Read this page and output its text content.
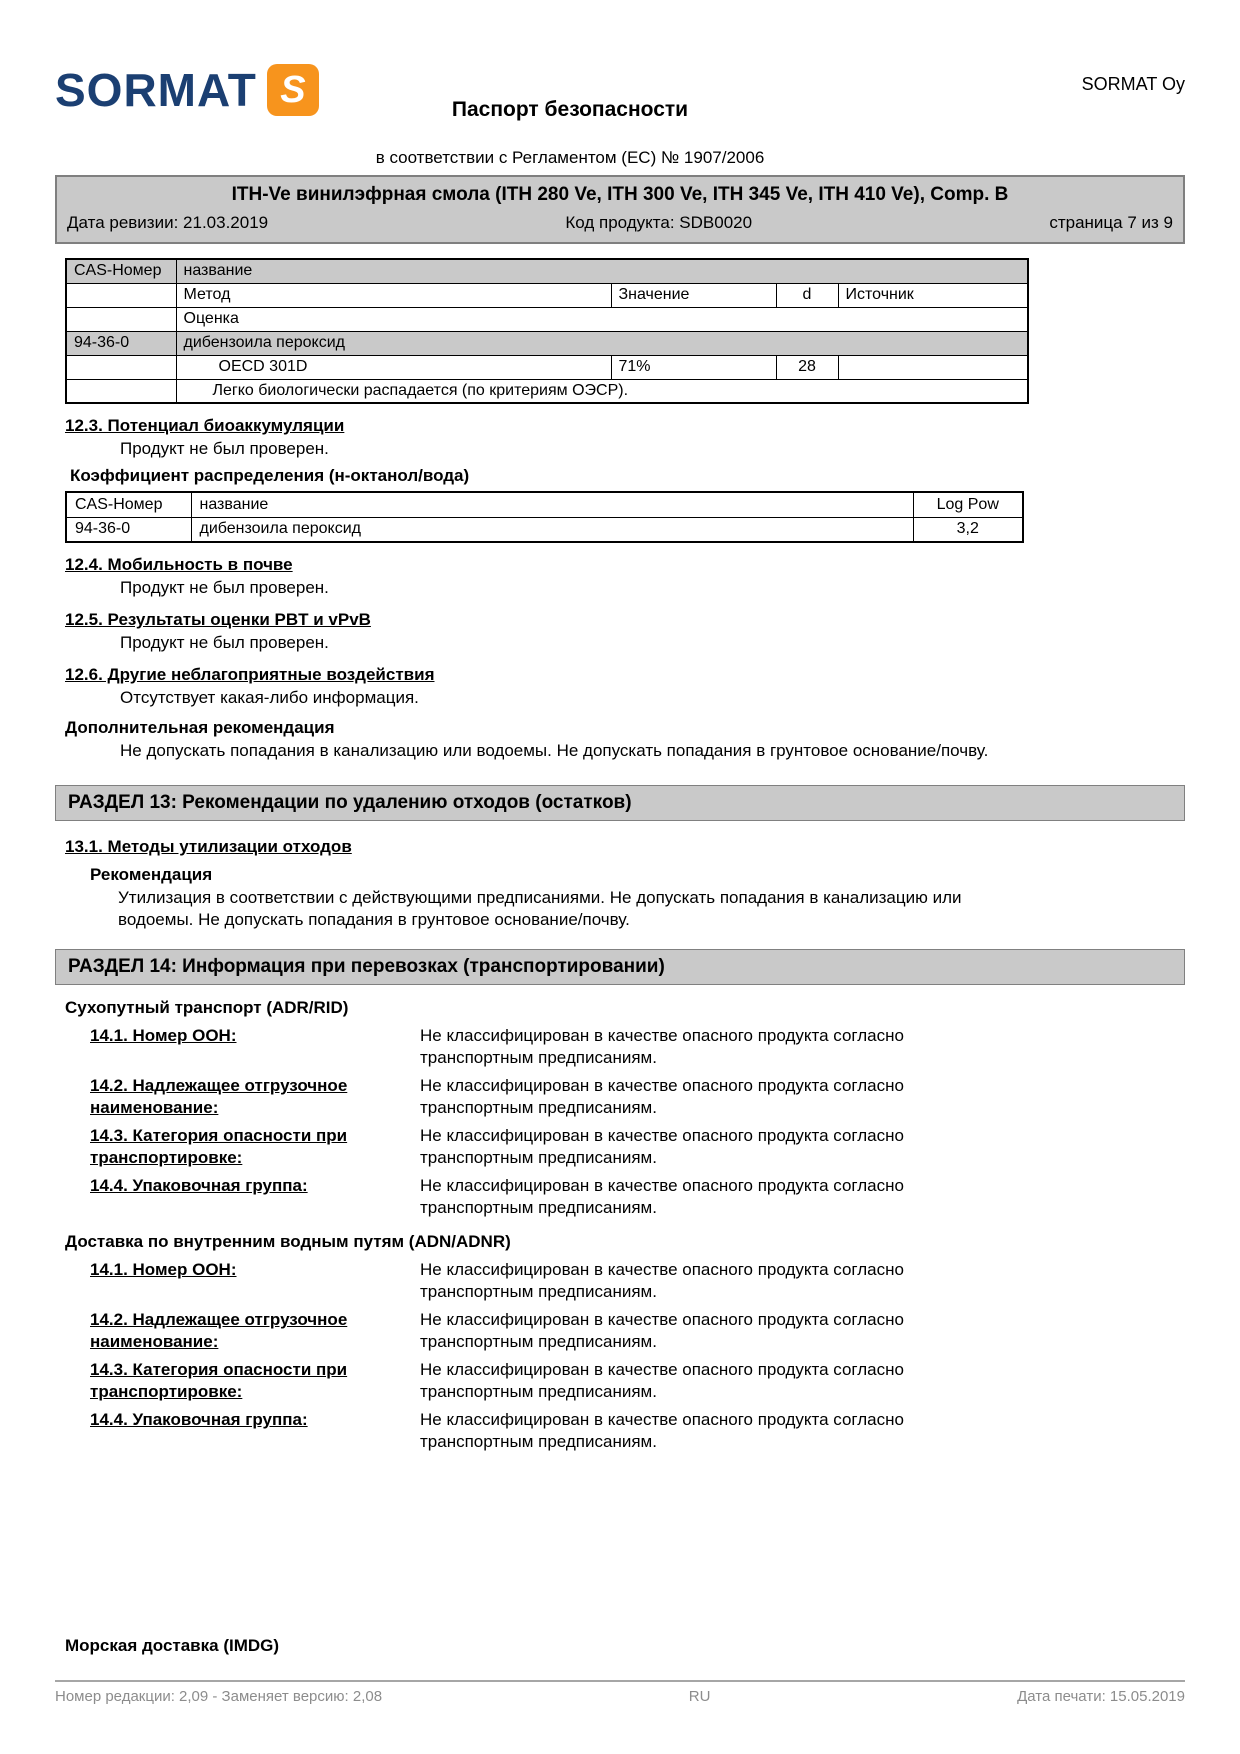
SORMAT S	SORMAT Oy
Паспорт безопасности
в соответствии с Регламентом (ЕС) № 1907/2006
ITH-Ve винилэфрная смола (ITH 280 Ve, ITH 300 Ve, ITH 345 Ve, ITH 410 Ve), Comp. B
Дата ревизии: 21.03.2019	Код продукта: SDB0020	страница 7 из 9
CAS-Номер	название			
	Метод	Значение	d	Источник
	Оценка			
94-36-0	дибензоила пероксид			
	OECD 301D	71%	28	
	Легко биологически распадается (по критериям ОЭСР).			
12.3. Потенциал биоаккумуляции
Продукт не был проверен.
Коэффициент распределения (н-октанол/вода)
CAS-Номер	название	Log Pow
94-36-0	дибензоила пероксид	3,2
12.4. Мобильность в почве
Продукт не был проверен.
12.5. Результаты оценки PBT и vPvB
Продукт не был проверен.
12.6. Другие неблагоприятные воздействия
Отсутствует какая-либо информация.
Дополнительная рекомендация
Не допускать попадания в канализацию или водоемы. Не допускать попадания в грунтовое основание/почву.
РАЗДЕЛ 13: Рекомендации по удалению отходов (остатков)
13.1. Методы утилизации отходов
Рекомендация
Утилизация в соответствии с действующими предписаниями. Не допускать попадания в канализацию или водоемы. Не допускать попадания в грунтовое основание/почву.
РАЗДЕЛ 14: Информация при перевозках (транспортировании)
Сухопутный транспорт (ADR/RID)
14.1. Номер ООН:	Не классифицирован в качестве опасного продукта согласно транспортным предписаниям.
14.2. Надлежащее отгрузочное наименование:
Не классифицирован в качестве опасного продукта согласно транспортным предписаниям.
14.3. Категория опасности при транспортировке:
Не классифицирован в качестве опасного продукта согласно транспортным предписаниям.
14.4. Упаковочная группа:	Не классифицирован в качестве опасного продукта согласно транспортным предписаниям.
Доставка по внутренним водным путям (ADN/ADNR)
14.1. Номер ООН:	Не классифицирован в качестве опасного продукта согласно транспортным предписаниям.
14.2. Надлежащее отгрузочное наименование:
Не классифицирован в качестве опасного продукта согласно транспортным предписаниям.
14.3. Категория опасности при транспортировке:
Не классифицирован в качестве опасного продукта согласно транспортным предписаниям.
14.4. Упаковочная группа:	Не классифицирован в качестве опасного продукта согласно транспортным предписаниям.
Морская доставка (IMDG)
Номер редакции: 2,09 - Заменяет версию: 2,08	RU	Дата печати: 15.05.2019
